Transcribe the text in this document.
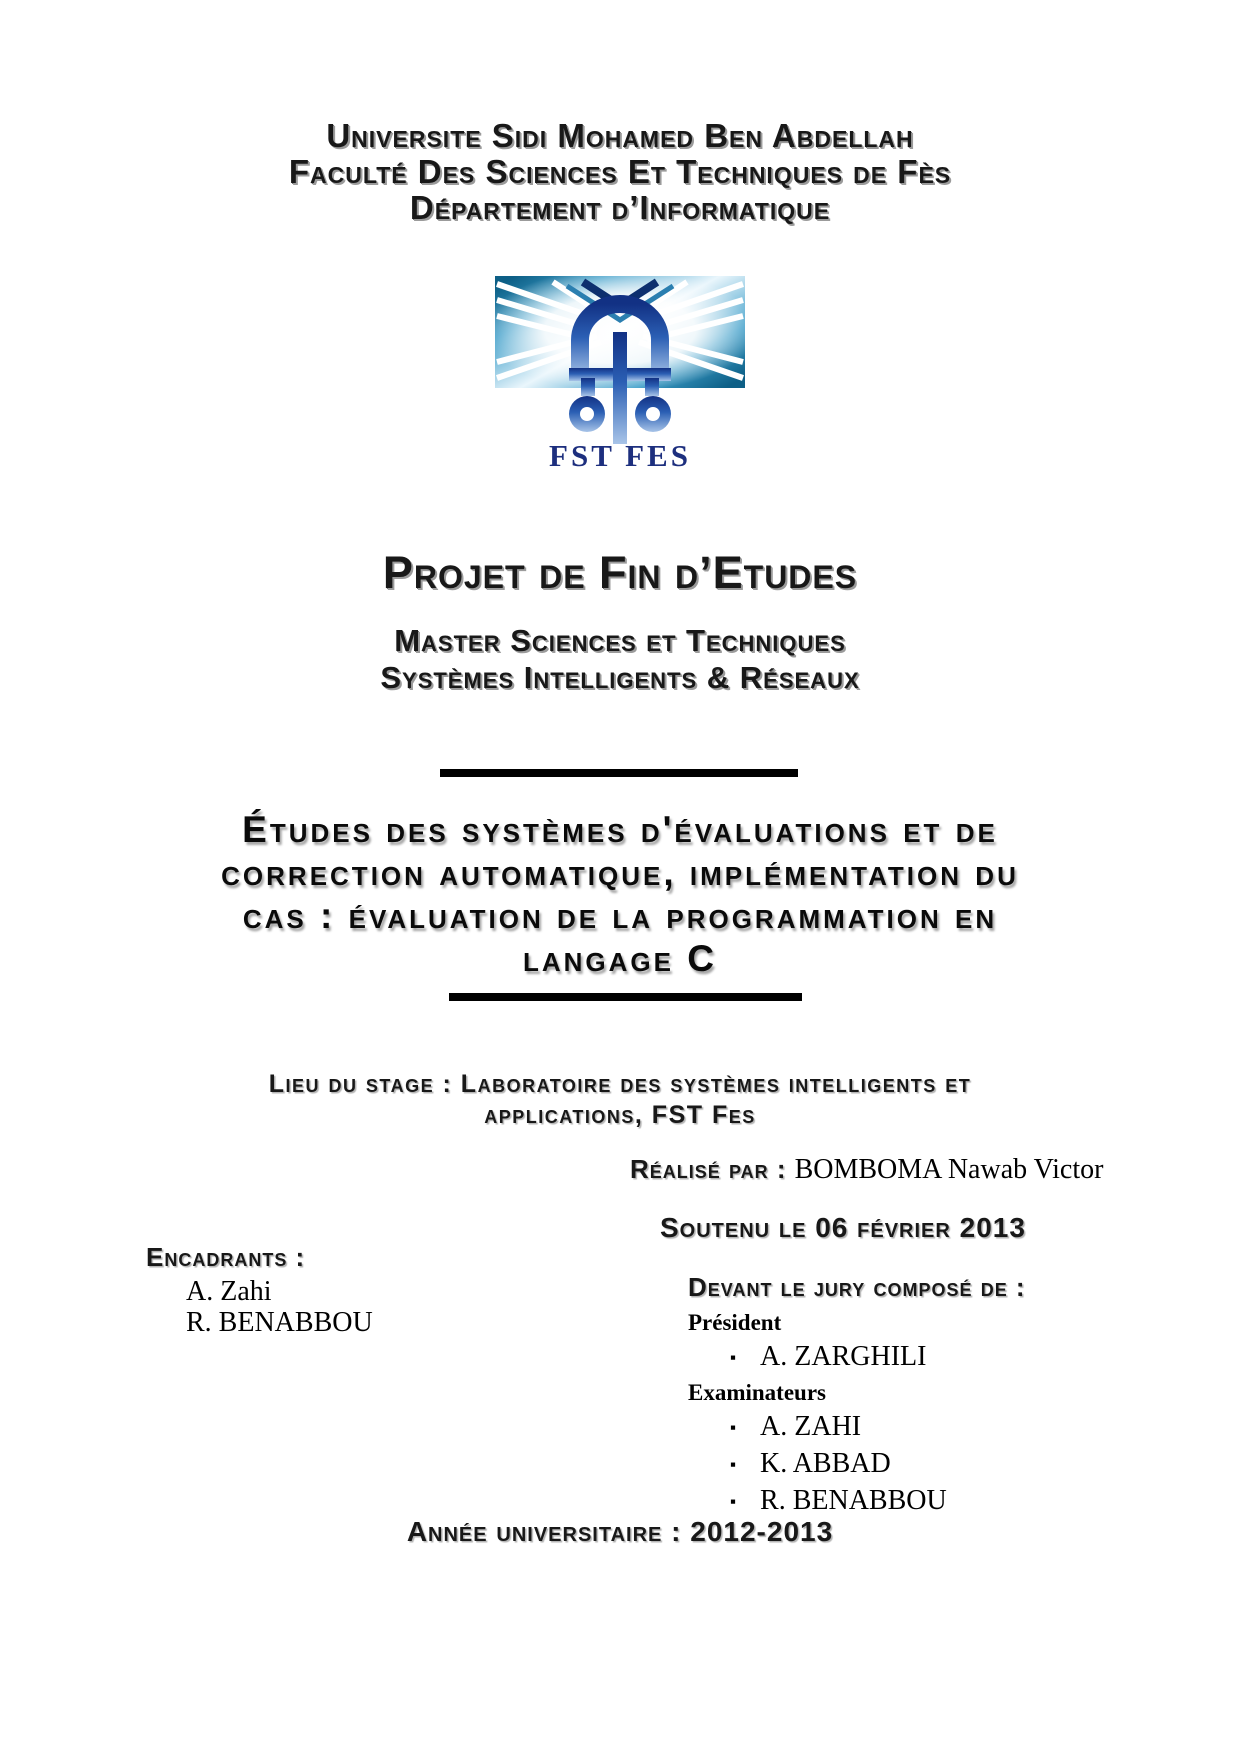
Universite Sidi Mohamed Ben Abdellah
Faculté Des Sciences Et Techniques de Fès
Département d’Informatique
FST FES
Projet de Fin d’Etudes
Master Sciences et Techniques
Systèmes Intelligents & Réseaux
Études des systèmes d'évaluations et de
correction automatique, implémentation du
cas : évaluation de la programmation en
langage C
Lieu du stage : Laboratoire des systèmes intelligents et
applications, FST Fes
Réalisé par : BOMBOMA Nawab Victor
Soutenu le 06 février 2013
Encadrants :
A. Zahi
R. BENABBOU
Devant le jury composé de :
Président
▪ A. ZARGHILI
Examinateurs
▪ A. ZAHI
▪ K. ABBAD
▪ R. BENABBOU
Année universitaire : 2012-2013
